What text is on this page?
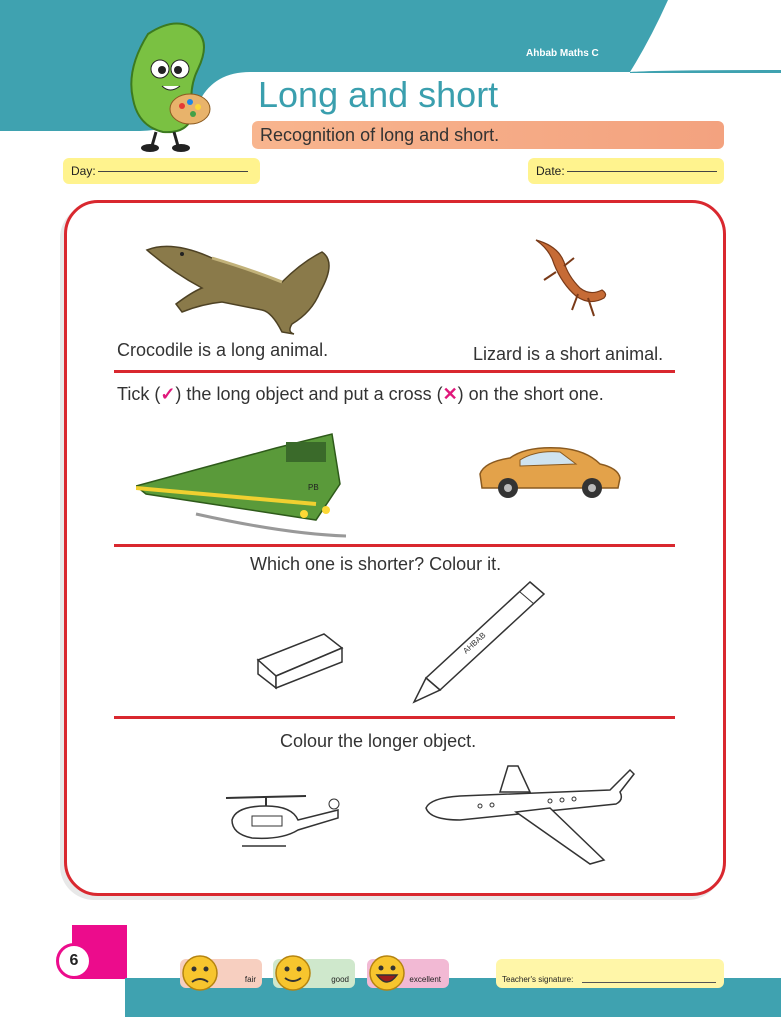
Ahbab Maths C
Long and short
Recognition of long and short.
Day:	Date:
Crocodile is a long animal.	Lizard is a short animal.
Tick (✓) the long object and put a cross (✕) on the short one.
PB
Which one is shorter? Colour it.
AHBAB
Colour the longer object.
6
fair	good	excellent	Teacher's signature:
